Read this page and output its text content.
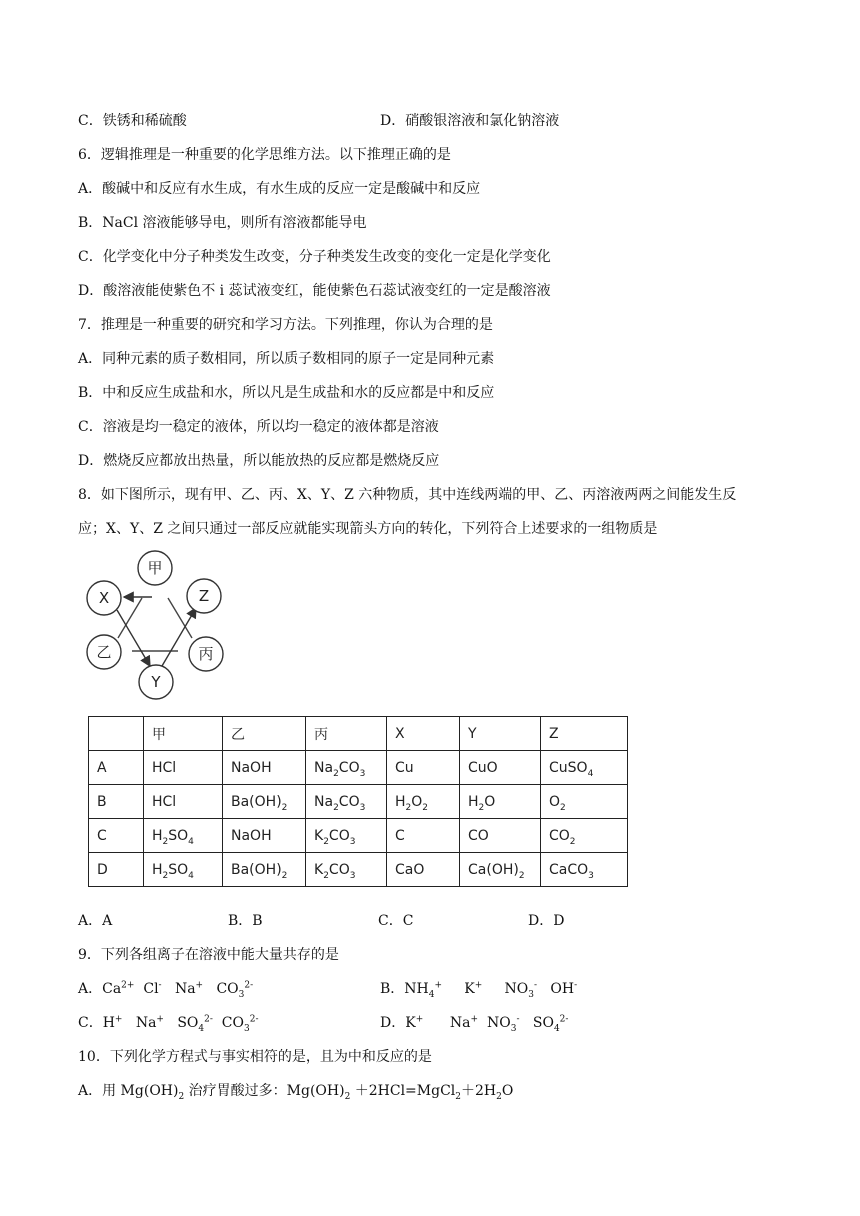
C．铁锈和稀硫酸	D．硝酸银溶液和氯化钠溶液
6．逻辑推理是一种重要的化学思维方法。以下推理正确的是
A．酸碱中和反应有水生成，有水生成的反应一定是酸碱中和反应
B．NaCl 溶液能够导电，则所有溶液都能导电
C．化学变化中分子种类发生改变，分子种类发生改变的变化一定是化学变化
D．酸溶液能使紫色不 i 蕊试液变红，能使紫色石蕊试液变红的一定是酸溶液
7．推理是一种重要的研究和学习方法。下列推理，你认为合理的是
A．同种元素的质子数相同，所以质子数相同的原子一定是同种元素
B．中和反应生成盐和水，所以凡是生成盐和水的反应都是中和反应
C．溶液是均一稳定的液体，所以均一稳定的液体都是溶液
D．燃烧反应都放出热量，所以能放热的反应都是燃烧反应
8．如下图所示，现有甲、乙、丙、X、Y、Z 六种物质，其中连线两端的甲、乙、丙溶液两两之间能发生反
应；X、Y、Z 之间只通过一部反应就能实现箭头方向的转化，下列符合上述要求的一组物质是
甲
X	Z
乙	丙
Y
	甲	乙	丙	X	Y	Z
A	HCl	NaOH	$Na_2CO_3$	Cu	CuO	CuSO$_4$
B	HCl	$Ba(OH)_2$	$Na_2CO_3$	$H_2O_2$	$H_2O$	$O_2$
C	$H_2SO_4$	NaOH	$K_2CO_3$	C	CO	$CO_2$
D	$H_2SO_4$	$Ba(OH)_2$	$K_2CO_3$	CaO	$Ca(OH)_2$	CaCO$_3$
A．A	B．B	C．C	D．D
9．下列各组离子在溶液中能大量共存的是
A．$Ca^{2+}$  Cl-   Na+   $CO_3^{2-}$	B．$NH_4^+$     K+     $NO_3^-$   OH-
C．H+   Na+   $SO_4^{2-}$  $CO_3^{2-}$	D．K+      Na+  $NO_3^-$   $SO_4^{2-}$
10．下列化学方程式与事实相符的是，且为中和反应的是
A．用 $Mg(OH)_2$ 治疗胃酸过多：$Mg(OH)_2$ $+2HCl=MgCl_2+2H_2O$
